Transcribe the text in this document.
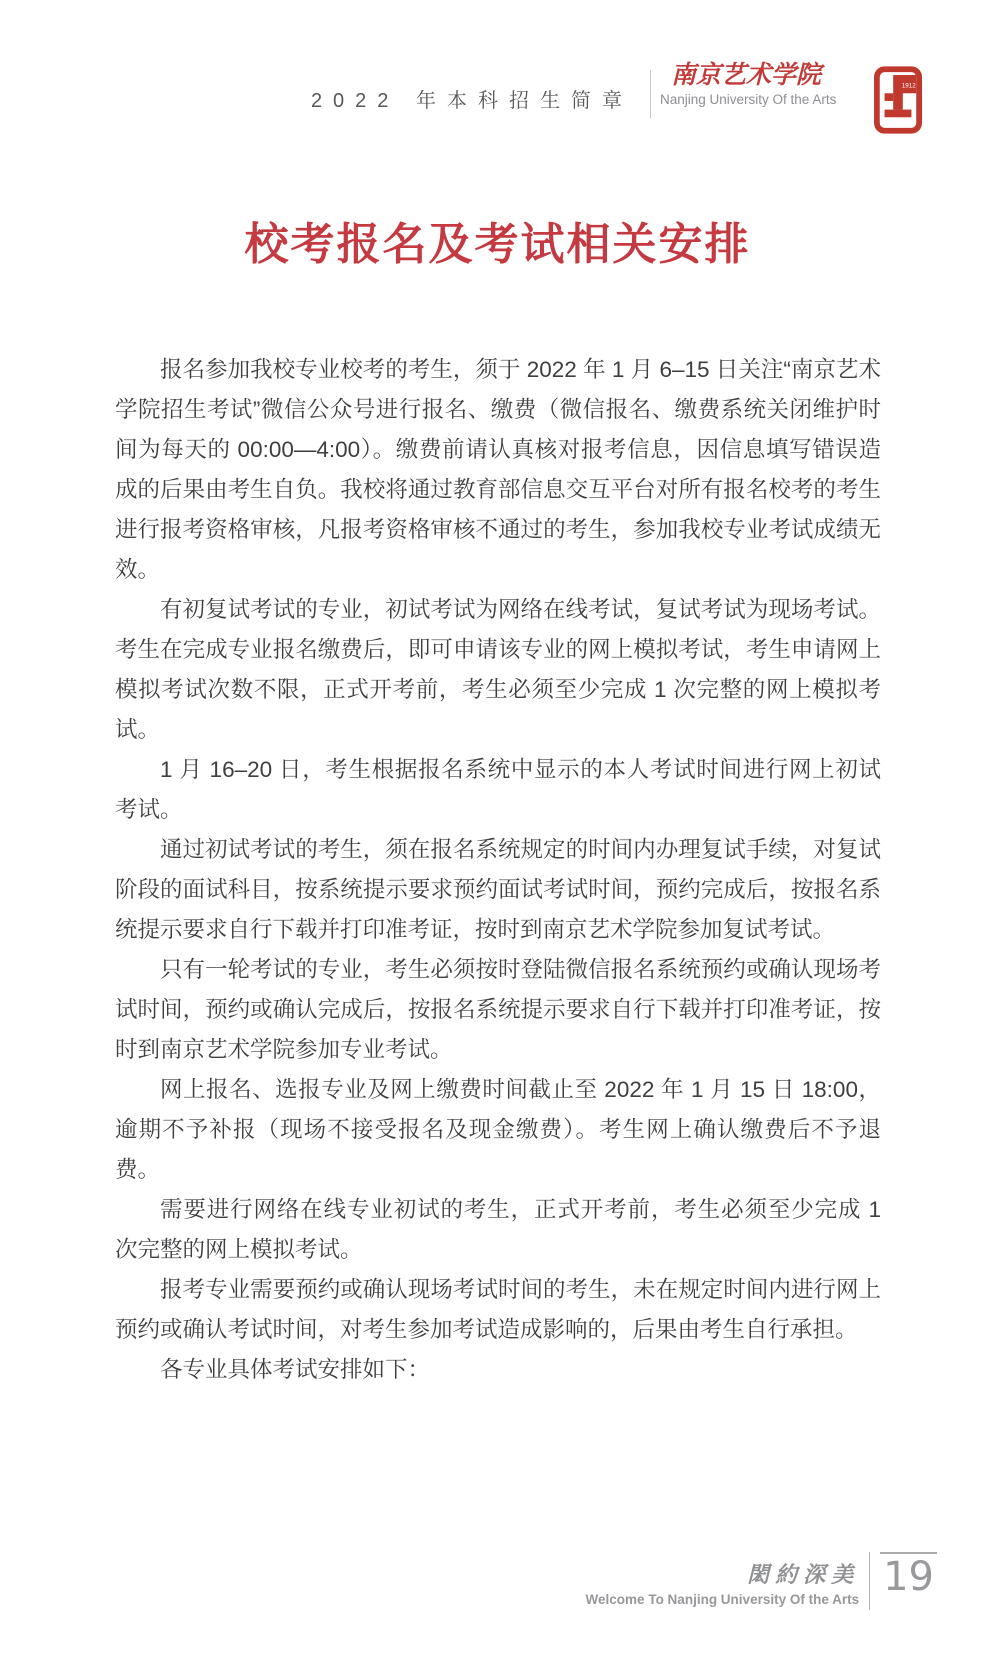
2022 年本科招生简章
南京艺术学院
Nanjing University Of the Arts
1912
校考报名及考试相关安排

报名参加我校专业校考的考生，须于 2022 年 1 月 6–15 日关注“南京艺术学院招生考试”微信公众号进行报名、缴费（微信报名、缴费系统关闭维护时间为每天的 00:00—4:00）。缴费前请认真核对报考信息，因信息填写错误造成的后果由考生自负。我校将通过教育部信息交互平台对所有报名校考的考生进行报考资格审核，凡报考资格审核不通过的考生，参加我校专业考试成绩无效。

有初复试考试的专业，初试考试为网络在线考试，复试考试为现场考试。考生在完成专业报名缴费后，即可申请该专业的网上模拟考试，考生申请网上模拟考试次数不限，正式开考前，考生必须至少完成 1 次完整的网上模拟考试。

1 月 16–20 日，考生根据报名系统中显示的本人考试时间进行网上初试考试。

通过初试考试的考生，须在报名系统规定的时间内办理复试手续，对复试阶段的面试科目，按系统提示要求预约面试考试时间，预约完成后，按报名系统提示要求自行下载并打印准考证，按时到南京艺术学院参加复试考试。

只有一轮考试的专业，考生必须按时登陆微信报名系统预约或确认现场考试时间，预约或确认完成后，按报名系统提示要求自行下载并打印准考证，按时到南京艺术学院参加专业考试。

网上报名、选报专业及网上缴费时间截止至 2022 年 1 月 15 日 18:00，逾期不予补报（现场不接受报名及现金缴费）。考生网上确认缴费后不予退费。

需要进行网络在线专业初试的考生，正式开考前，考生必须至少完成 1 次完整的网上模拟考试。

报考专业需要预约或确认现场考试时间的考生，未在规定时间内进行网上预约或确认考试时间，对考生参加考试造成影响的，后果由考生自行承担。

各专业具体考试安排如下：

閎約深美
Welcome To Nanjing University Of the Arts 19
